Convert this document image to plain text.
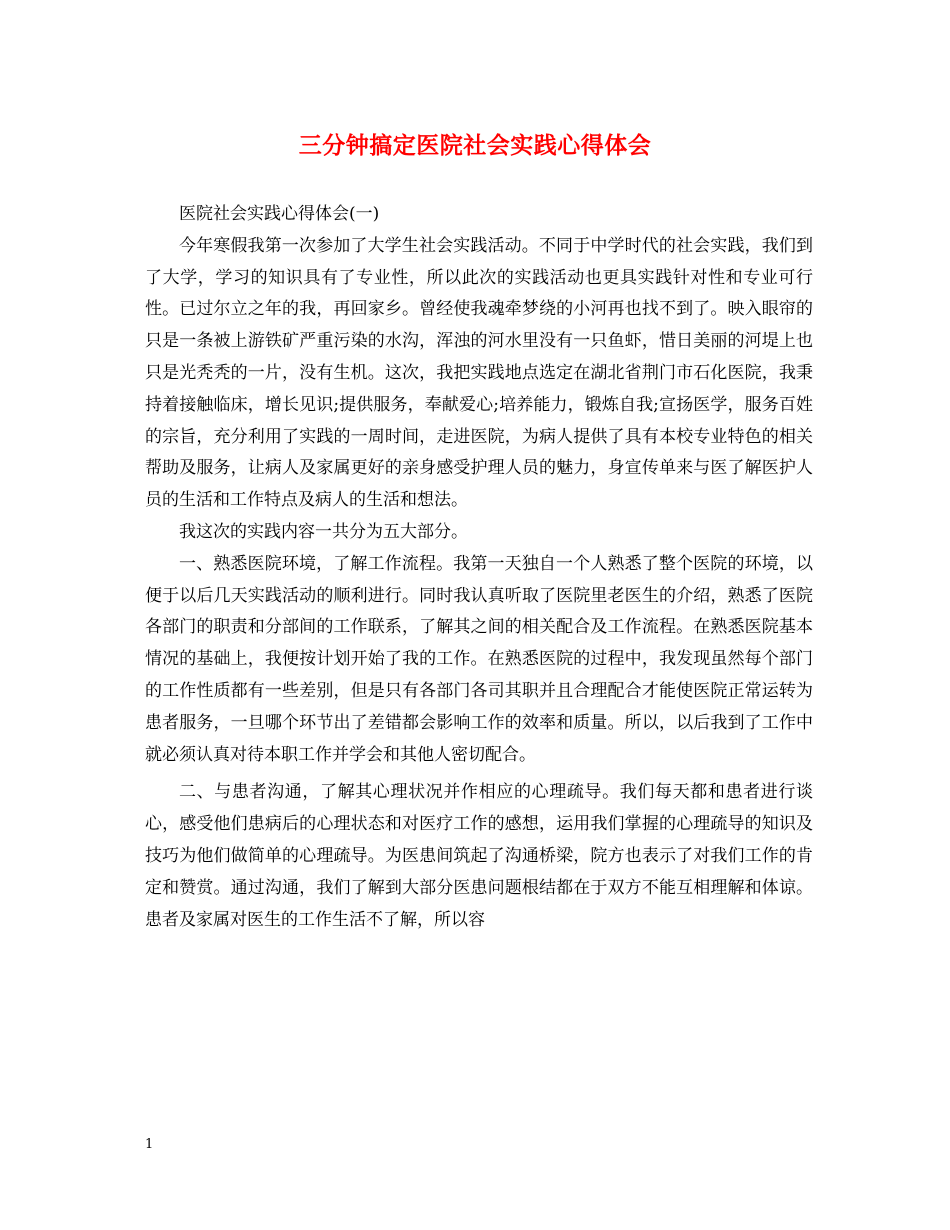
三分钟搞定医院社会实践心得体会

医院社会实践心得体会(一)

今年寒假我第一次参加了大学生社会实践活动。不同于中学时代的社会实践，我们到了大学，学习的知识具有了专业性，所以此次的实践活动也更具实践针对性和专业可行性。已过尔立之年的我，再回家乡。曾经使我魂牵梦绕的小河再也找不到了。映入眼帘的只是一条被上游铁矿严重污染的水沟，浑浊的河水里没有一只鱼虾，惜日美丽的河堤上也只是光秃秃的一片，没有生机。这次，我把实践地点选定在湖北省荆门市石化医院，我秉持着接触临床，增长见识;提供服务，奉献爱心;培养能力，锻炼自我;宣扬医学，服务百姓的宗旨，充分利用了实践的一周时间，走进医院，为病人提供了具有本校专业特色的相关帮助及服务，让病人及家属更好的亲身感受护理人员的魅力，身宣传单来与医了解医护人员的生活和工作特点及病人的生活和想法。

我这次的实践内容一共分为五大部分。

一、熟悉医院环境，了解工作流程。我第一天独自一个人熟悉了整个医院的环境，以便于以后几天实践活动的顺利进行。同时我认真听取了医院里老医生的介绍，熟悉了医院各部门的职责和分部间的工作联系，了解其之间的相关配合及工作流程。在熟悉医院基本情况的基础上，我便按计划开始了我的工作。在熟悉医院的过程中，我发现虽然每个部门的工作性质都有一些差别，但是只有各部门各司其职并且合理配合才能使医院正常运转为患者服务，一旦哪个环节出了差错都会影响工作的效率和质量。所以，以后我到了工作中就必须认真对待本职工作并学会和其他人密切配合。

二、与患者沟通，了解其心理状况并作相应的心理疏导。我们每天都和患者进行谈心，感受他们患病后的心理状态和对医疗工作的感想，运用我们掌握的心理疏导的知识及技巧为他们做简单的心理疏导。为医患间筑起了沟通桥梁，院方也表示了对我们工作的肯定和赞赏。通过沟通，我们了解到大部分医患问题根结都在于双方不能互相理解和体谅。患者及家属对医生的工作生活不了解，所以容

1
